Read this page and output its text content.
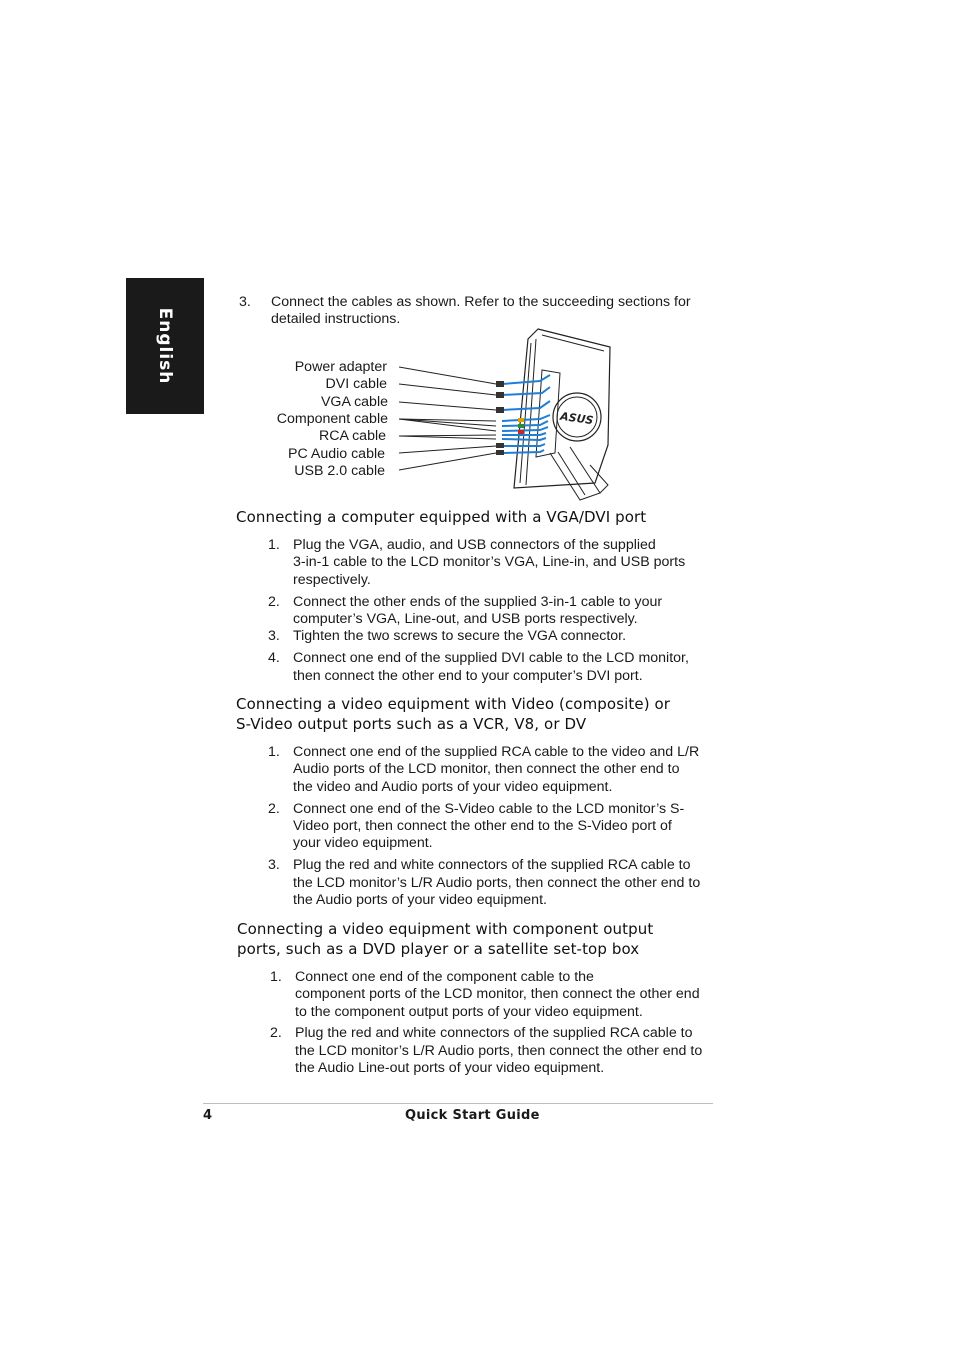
English
3. Connect the cables as shown. Refer to the succeeding sections for
detailed instructions.
Power adapter
DVI cable
VGA cable
Component cable
RCA cable
PC Audio cable
USB 2.0 cable
ASUS
Connecting a computer equipped with a VGA/DVI port
1. Plug the VGA, audio, and USB connectors of the supplied
3-in-1 cable to the LCD monitor’s VGA, Line-in, and USB ports
respectively.
2. Connect the other ends of the supplied 3-in-1 cable to your
computer’s VGA, Line-out, and USB ports respectively.
3. Tighten the two screws to secure the VGA connector.
4. Connect one end of the supplied DVI cable to the LCD monitor,
then connect the other end to your computer’s DVI port.
Connecting a video equipment with Video (composite) or
S-Video output ports such as a VCR, V8, or DV
1. Connect one end of the supplied RCA cable to the video and L/R
Audio ports of the LCD monitor, then connect the other end to
the video and Audio ports of your video equipment.
2. Connect one end of the S-Video cable to the LCD monitor’s S-
Video port, then connect the other end to the S-Video port of
your video equipment.
3. Plug the red and white connectors of the supplied RCA cable to
the LCD monitor’s L/R Audio ports, then connect the other end to
the Audio ports of your video equipment.
Connecting a video equipment with component output
ports, such as a DVD player or a satellite set-top box
1. Connect one end of the component cable to the
component ports of the LCD monitor, then connect the other end
to the component output ports of your video equipment.
2. Plug the red and white connectors of the supplied RCA cable to
the LCD monitor’s L/R Audio ports, then connect the other end to
the Audio Line-out ports of your video equipment.
4	Quick Start Guide
